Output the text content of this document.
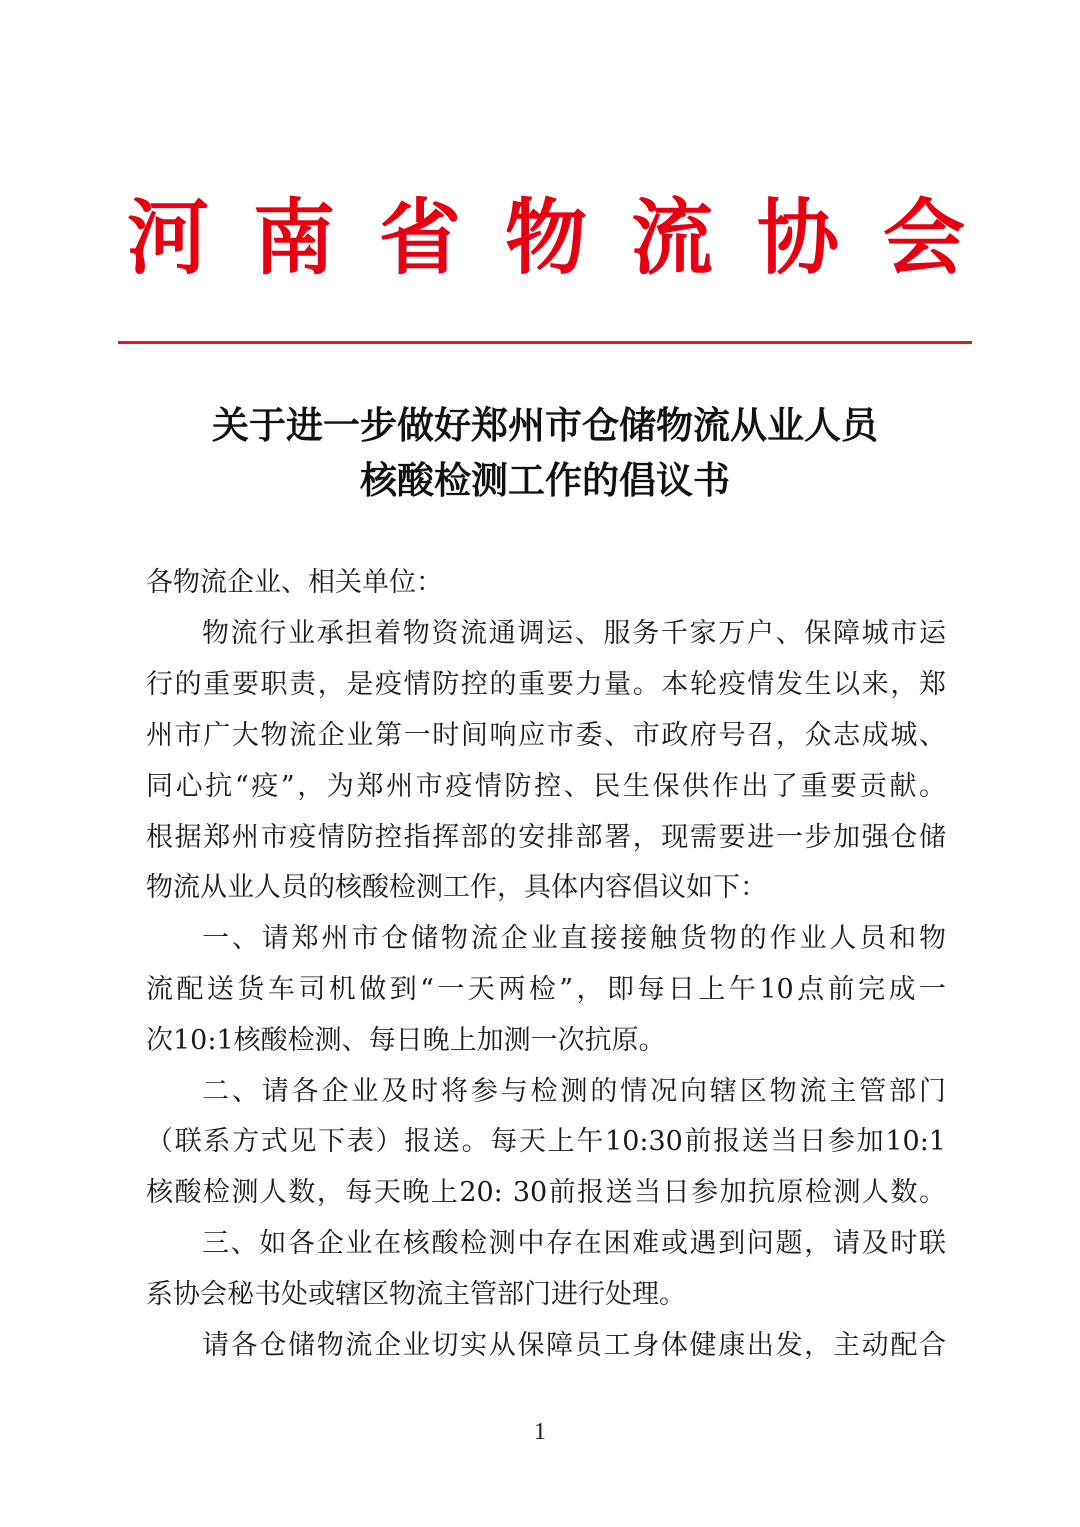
河 南 省 物 流 协 会
关于进一步做好郑州市仓储物流从业人员
核酸检测工作的倡议书
各物流企业、相关单位：
物流行业承担着物资流通调运、服务千家万户、保障城市运
行的重要职责，是疫情防控的重要力量。本轮疫情发生以来，郑
州市广大物流企业第一时间响应市委、市政府号召，众志成城、
同心抗“疫”，为郑州市疫情防控、民生保供作出了重要贡献。
根据郑州市疫情防控指挥部的安排部署，现需要进一步加强仓储
物流从业人员的核酸检测工作，具体内容倡议如下：
一、请郑州市仓储物流企业直接接触货物的作业人员和物
流配送货车司机做到“一天两检”，即每日上午10点前完成一
次10:1核酸检测、每日晚上加测一次抗原。
二、请各企业及时将参与检测的情况向辖区物流主管部门
（联系方式见下表）报送。每天上午10:30前报送当日参加10:1
核酸检测人数，每天晚上20: 30前报送当日参加抗原检测人数。
三、如各企业在核酸检测中存在困难或遇到问题，请及时联
系协会秘书处或辖区物流主管部门进行处理。
请各仓储物流企业切实从保障员工身体健康出发，主动配合
1
